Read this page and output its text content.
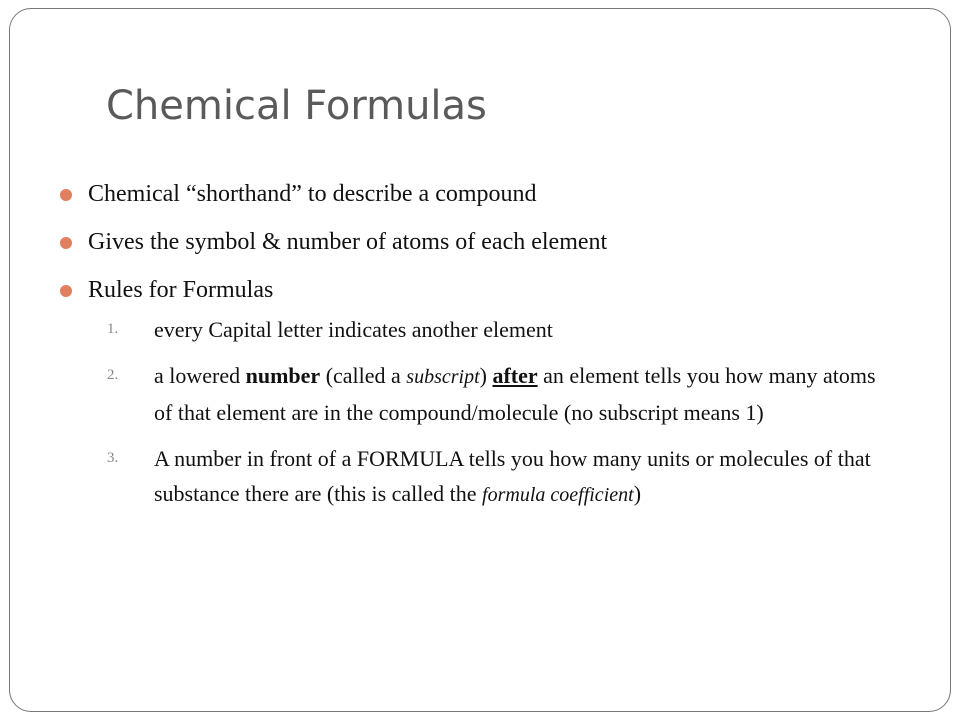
Chemical Formulas
Chemical “shorthand” to describe a compound
Gives the symbol & number of atoms of each element
Rules for Formulas
1. every Capital letter indicates another element
2. a lowered number (called a subscript) after an element tells you how many atoms of that element are in the compound/molecule (no subscript means 1)
3. A number in front of a FORMULA tells you how many units or molecules of that substance there are (this is called the formula coefficient)
